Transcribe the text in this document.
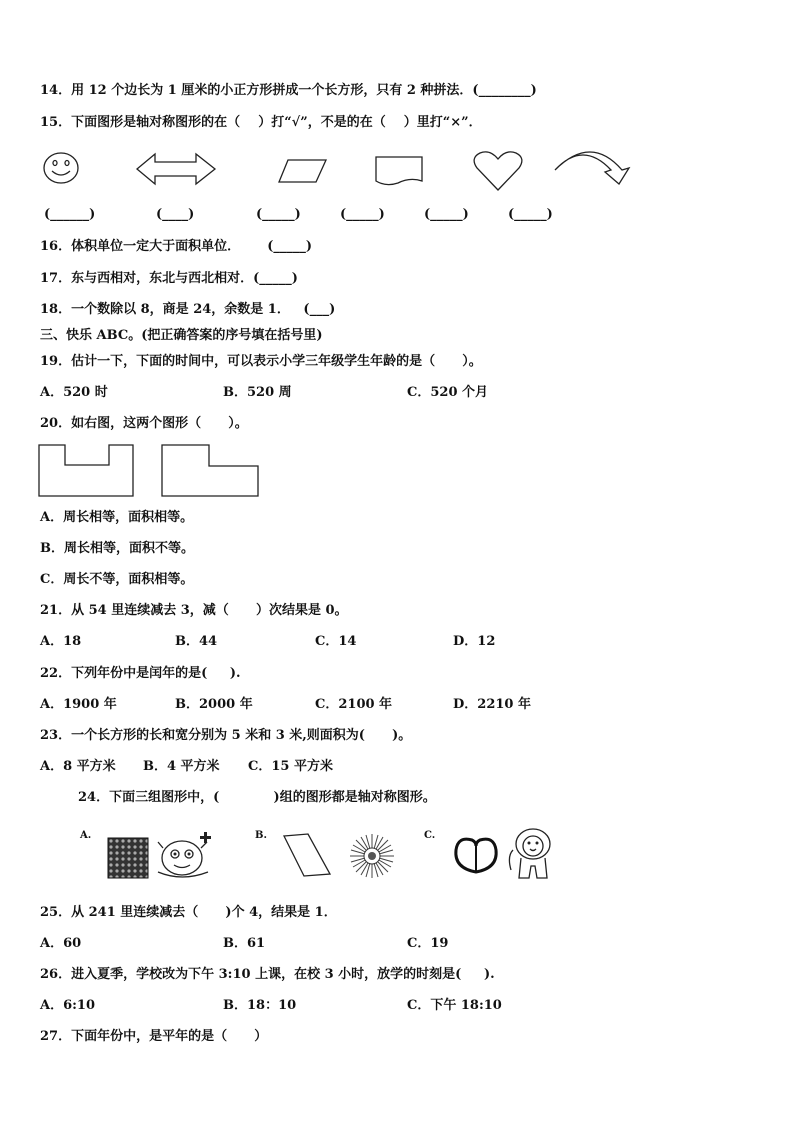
14．用 12 个边长为 1 厘米的小正方形拼成一个长方形，只有 2 种拼法．(________)
15．下面图形是轴对称图形的在（    ）打“√”，不是的在（    ）里打“×”．
(______)	(____)	(_____)	(_____)	(_____)	(_____)
16．体积单位一定大于面积单位．      (_____)
17．东与西相对，东北与西北相对．(_____)
18．一个数除以 8，商是 24，余数是 1．   (___)
三、快乐 ABC。(把正确答案的序号填在括号里)
19．估计一下，下面的时间中，可以表示小学三年级学生年龄的是（      ）。
A．520 时	B．520 周	C．520 个月
20．如右图，这两个图形（      ）。
A．周长相等，面积相等。
B．周长相等，面积不等。
C．周长不等，面积相等。
21．从 54 里连续减去 3，减（      ）次结果是 0。
A．18	B．44	C．14	D．12
22．下列年份中是闰年的是(     ).
A．1900 年	B．2000 年	C．2100 年	D．2210 年
23．一个长方形的长和宽分别为 5 米和 3 米,则面积为(      )。
A．8 平方米 B．4 平方米 C．15 平方米
24．下面三组图形中，(            )组的图形都是轴对称图形。
A.	B.	C.
25．从 241 里连续减去（      )个 4，结果是 1．
A．60	B．61	C．19
26．进入夏季，学校改为下午 3:10 上课，在校 3 小时，放学的时刻是(     ).
A．6:10	B．18：10	C．下午 18:10
27．下面年份中，是平年的是（      ）
